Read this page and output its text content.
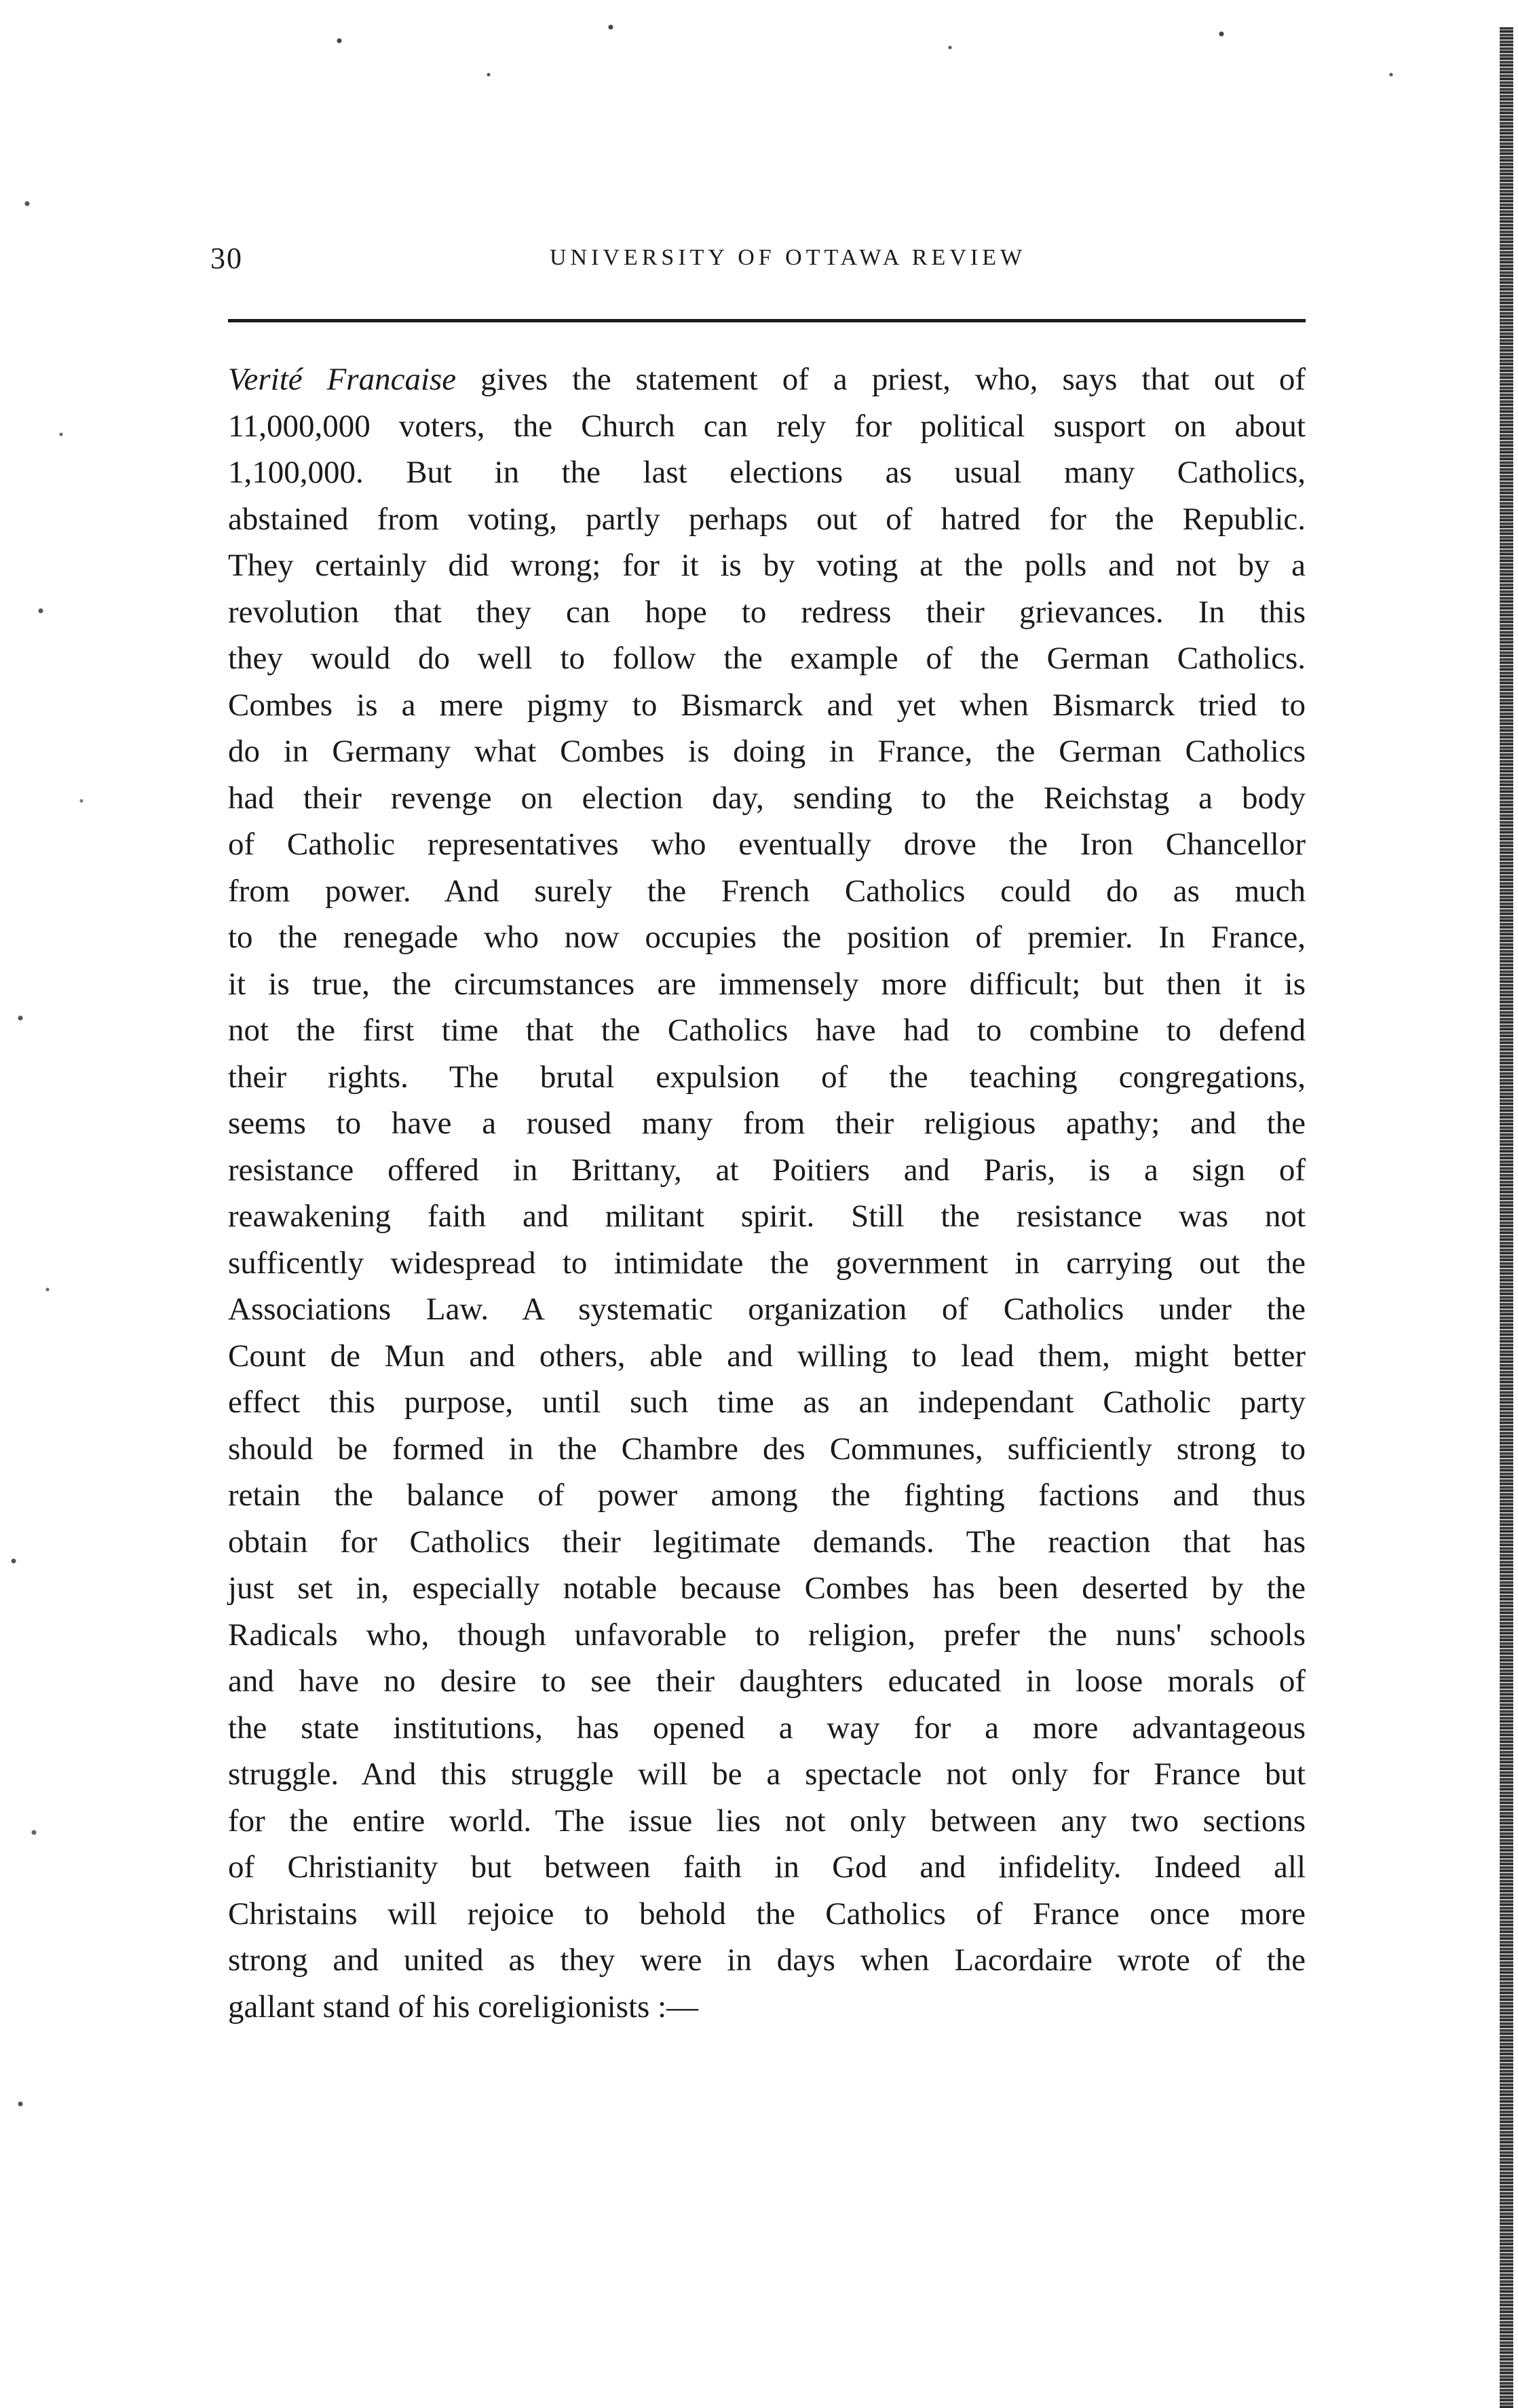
30	UNIVERSITY OF OTTAWA REVIEW
Verité Francaise gives the statement of a priest, who, says that out of
11,000,000 voters, the Church can rely for political susport on about
1,100,000. But in the last elections as usual many Catholics,
abstained from voting, partly perhaps out of hatred for the Republic.
They certainly did wrong; for it is by voting at the polls and not by a
revolution that they can hope to redress their grievances. In this
they would do well to follow the example of the German Catholics.
Combes is a mere pigmy to Bismarck and yet when Bismarck tried to
do in Germany what Combes is doing in France, the German Catholics
had their revenge on election day, sending to the Reichstag a body
of Catholic representatives who eventually drove the Iron Chancellor
from power. And surely the French Catholics could do as much
to the renegade who now occupies the position of premier. In France,
it is true, the circumstances are immensely more difficult; but then it is
not the first time that the Catholics have had to combine to defend
their rights. The brutal expulsion of the teaching congregations,
seems to have a roused many from their religious apathy; and the
resistance offered in Brittany, at Poitiers and Paris, is a sign of
reawakening faith and militant spirit. Still the resistance was not
sufficently widespread to intimidate the government in carrying out the
Associations Law. A systematic organization of Catholics under the
Count de Mun and others, able and willing to lead them, might better
effect this purpose, until such time as an independant Catholic party
should be formed in the Chambre des Communes, sufficiently strong to
retain the balance of power among the fighting factions and thus
obtain for Catholics their legitimate demands. The reaction that has
just set in, especially notable because Combes has been deserted by the
Radicals who, though unfavorable to religion, prefer the nuns' schools
and have no desire to see their daughters educated in loose morals of
the state institutions, has opened a way for a more advantageous
struggle. And this struggle will be a spectacle not only for France but
for the entire world. The issue lies not only between any two sections
of Christianity but between faith in God and infidelity. Indeed all
Christains will rejoice to behold the Catholics of France once more
strong and united as they were in days when Lacordaire wrote of the
gallant stand of his coreligionists :—
